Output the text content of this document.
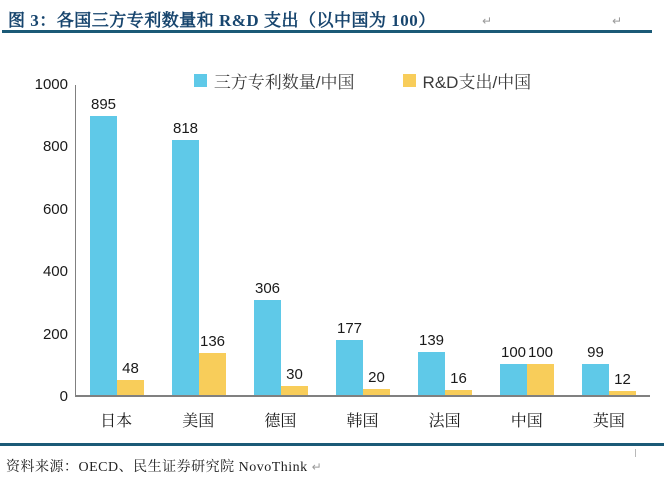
图 3：各国三方专利数量和 R&D 支出（以中国为 100）	↵	↵
三方专利数量/中国	R&D支出/中国
895
48
818
136
306
30
177
20
139
16
100 100 99
12
0
200
400
600
800
1000
日本	美国	德国	韩国	法国	中国	英国
资料来源：OECD、民生证券研究院 NovoThink ↵
